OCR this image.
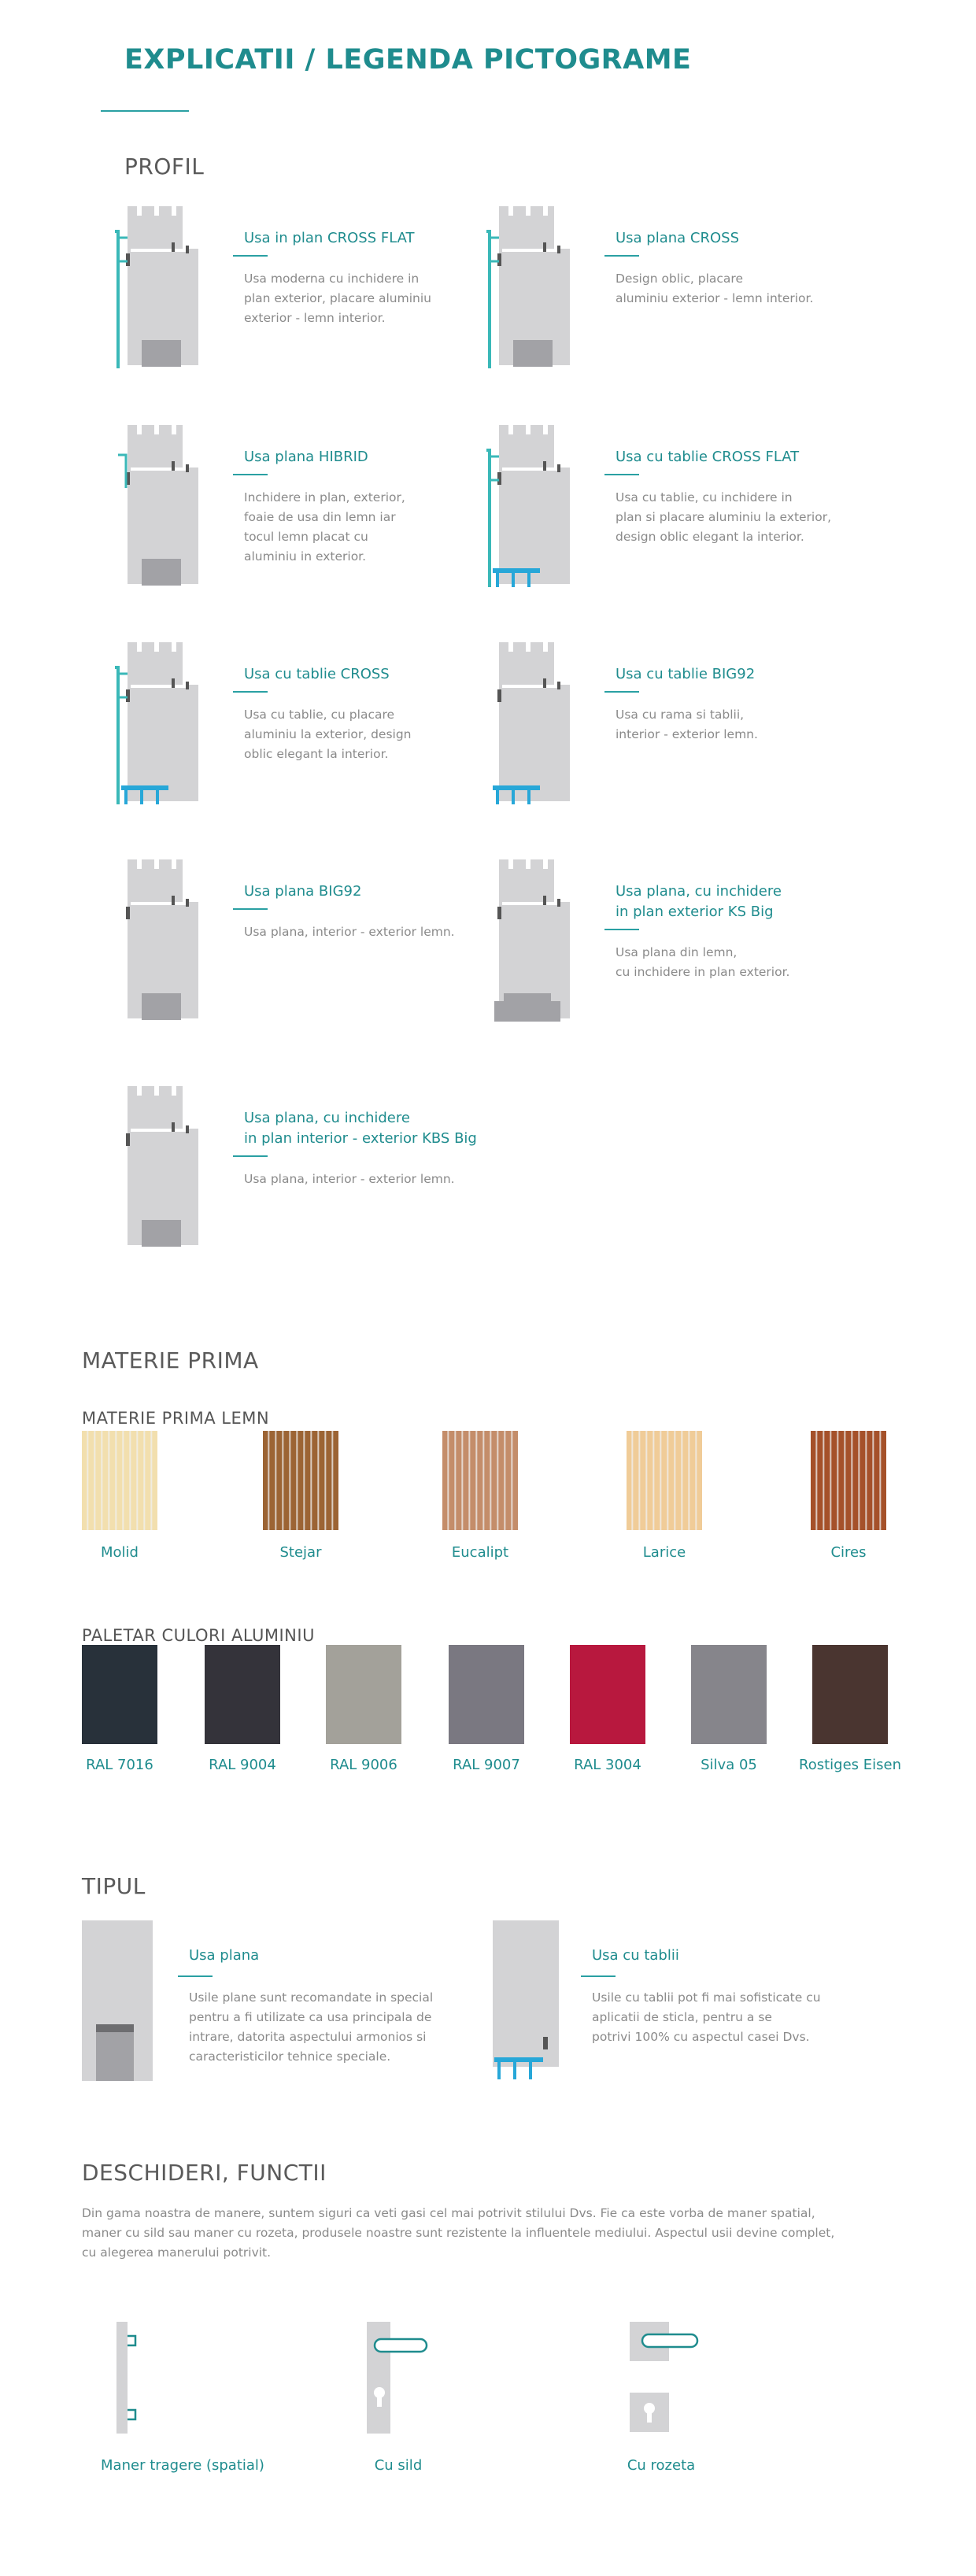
EXPLICATII / LEGENDA PICTOGRAME
PROFIL
Usa in plan CROSS FLAT
Usa moderna cu inchidere in
plan exterior, placare aluminiu
exterior - lemn interior.
Usa plana CROSS
Design oblic, placare
aluminiu exterior - lemn interior.
Usa plana HIBRID
Inchidere in plan, exterior,
foaie de usa din lemn iar
tocul lemn placat cu
aluminiu in exterior.
Usa cu tablie CROSS FLAT
Usa cu tablie, cu inchidere in
plan si placare aluminiu la exterior,
design oblic elegant la interior.
Usa cu tablie CROSS
Usa cu tablie, cu placare
aluminiu la exterior, design
oblic elegant la interior.
Usa cu tablie BIG92
Usa cu rama si tablii,
interior - exterior lemn.
Usa plana BIG92
Usa plana, interior - exterior lemn.
Usa plana, cu inchidere
in plan exterior KS Big
Usa plana din lemn,
cu inchidere in plan exterior.
Usa plana, cu inchidere
in plan interior - exterior KBS Big
Usa plana, interior - exterior lemn.
MATERIE PRIMA
MATERIE PRIMA LEMN
Molid	Stejar	Eucalipt	Larice	Cires
PALETAR CULORI ALUMINIU
RAL 7016	RAL 9004	RAL 9006	RAL 9007	RAL 3004	Silva 05	Rostiges Eisen
TIPUL
Usa plana
Usile plane sunt recomandate in special
pentru a fi utilizate ca usa principala de
intrare, datorita aspectului armonios si
caracteristicilor tehnice speciale.
Usa cu tablii
Usile cu tablii pot fi mai sofisticate cu
aplicatii de sticla, pentru a se
potrivi 100% cu aspectul casei Dvs.
DESCHIDERI, FUNCTII
Din gama noastra de manere, suntem siguri ca veti gasi cel mai potrivit stilului Dvs. Fie ca este vorba de maner spatial,
maner cu sild sau maner cu rozeta, produsele noastre sunt rezistente la influentele mediului. Aspectul usii devine complet,
cu alegerea manerului potrivit.
Maner tragere (spatial)	Cu sild	Cu rozeta
